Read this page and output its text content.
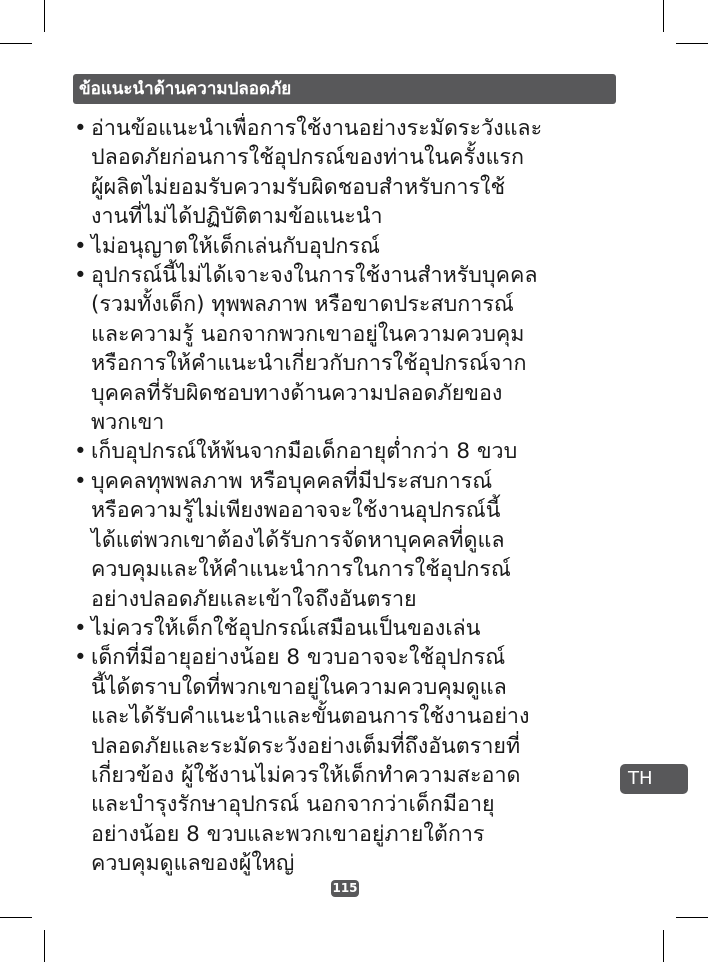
ข้อแนะนำด้านความปลอดภัย
• อ่านข้อแนะนำเพื่อการใช้งานอย่างระมัดระวังและ
ปลอดภัยก่อนการใช้อุปกรณ์ของท่านในครั้งแรก
ผู้ผลิตไม่ยอมรับความรับผิดชอบสำหรับการใช้
งานที่ไม่ได้ปฏิบัติตามข้อแนะนำ
• ไม่อนุญาตให้เด็กเล่นกับอุปกรณ์
• อุปกรณ์นี้ไม่ได้เจาะจงในการใช้งานสำหรับบุคคล
(รวมทั้งเด็ก) ทุพพลภาพ หรือขาดประสบการณ์
และความรู้ นอกจากพวกเขาอยู่ในความควบคุม
หรือการให้คำแนะนำเกี่ยวกับการใช้อุปกรณ์จาก
บุคคลที่รับผิดชอบทางด้านความปลอดภัยของ
พวกเขา
• เก็บอุปกรณ์ให้พ้นจากมือเด็กอายุต่ำกว่า 8 ขวบ
• บุคคลทุพพลภาพ หรือบุคคลที่มีประสบการณ์
หรือความรู้ไม่เพียงพออาจจะใช้งานอุปกรณ์นี้
ได้แต่พวกเขาต้องได้รับการจัดหาบุคคลที่ดูแล
ควบคุมและให้คำแนะนำการในการใช้อุปกรณ์
อย่างปลอดภัยและเข้าใจถึงอันตราย
• ไม่ควรให้เด็กใช้อุปกรณ์เสมือนเป็นของเล่น
• เด็กที่มีอายุอย่างน้อย 8 ขวบอาจจะใช้อุปกรณ์
นี้ได้ตราบใดที่พวกเขาอยู่ในความควบคุมดูแล
และได้รับคำแนะนำและขั้นตอนการใช้งานอย่าง
ปลอดภัยและระมัดระวังอย่างเต็มที่ถึงอันตรายที่
เกี่ยวข้อง ผู้ใช้งานไม่ควรให้เด็กทำความสะอาด
และบำรุงรักษาอุปกรณ์ นอกจากว่าเด็กมีอายุ
อย่างน้อย 8 ขวบและพวกเขาอยู่ภายใต้การ
ควบคุมดูแลของผู้ใหญ่
TH
115
